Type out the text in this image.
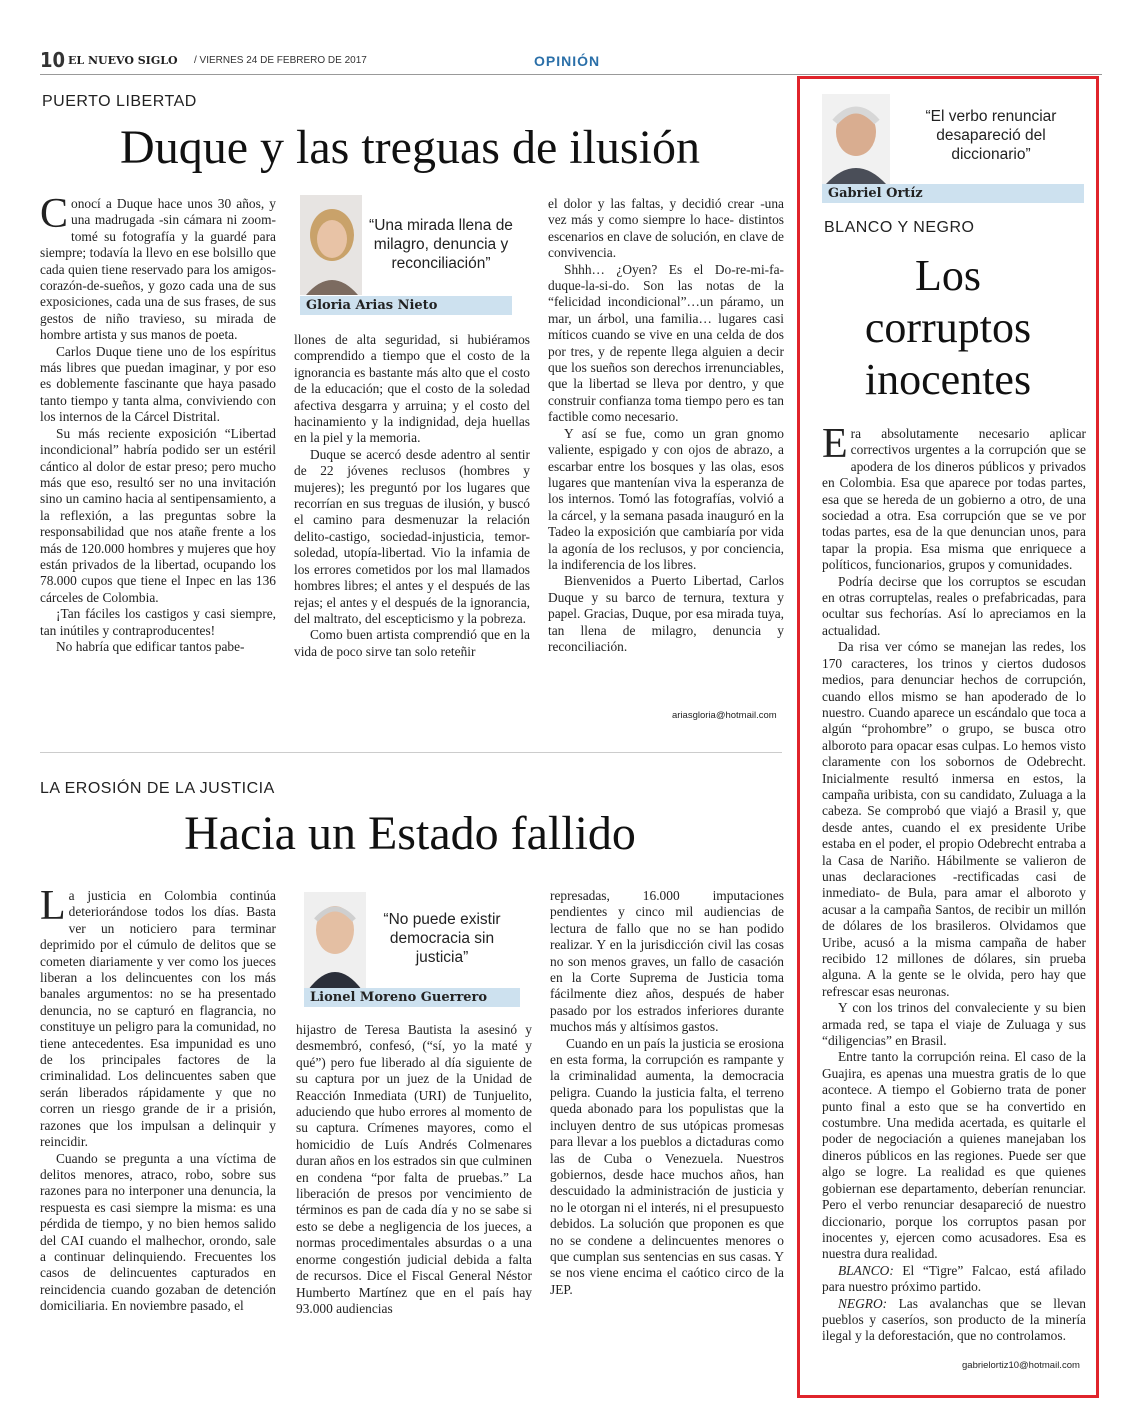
10 EL NUEVO SIGLO / VIERNES 24 DE FEBRERO DE 2017	OPINIÓN
PUERTO LIBERTAD
Duque y las treguas de ilusión
C onocí a Duque hace unos 30 años, y una madrugada -sin cámara ni zoom- tomé su fotografía y la guardé para siempre; todavía la llevo en ese bolsillo que cada quien tiene reservado para los amigos-corazón-de-sueños, y gozo cada una de sus exposiciones, cada una de sus frases, de sus gestos de niño travieso, su mirada de hombre artista y sus manos de poeta.

Carlos Duque tiene uno de los espíritus más libres que puedan imaginar, y por eso es doblemente fascinante que haya pasado tanto tiempo y tanta alma, conviviendo con los internos de la Cárcel Distrital.

Su más reciente exposición “Libertad incondicional” habría podido ser un estéril cántico al dolor de estar preso; pero mucho más que eso, resultó ser no una invitación sino un camino hacia al sentipensamiento, a la reflexión, a las preguntas sobre la responsabilidad que nos atañe frente a los más de 120.000 hombres y mujeres que hoy están privados de la libertad, ocupando los 78.000 cupos que tiene el Inpec en las 136 cárceles de Colombia.

¡Tan fáciles los castigos y casi siempre, tan inútiles y contraproducentes!

No habría que edificar tantos pabe-

“Una mirada llena de milagro, denuncia y reconciliación”
Gloria Arias Nieto

llones de alta seguridad, si hubiéramos comprendido a tiempo que el costo de la ignorancia es bastante más alto que el costo de la educación; que el costo de la soledad afectiva desgarra y arruina; y el costo del hacinamiento y la indignidad, deja huellas en la piel y la memoria.

Duque se acercó desde adentro al sentir de 22 jóvenes reclusos (hombres y mujeres); les preguntó por los lugares que recorrían en sus treguas de ilusión, y buscó el camino para desmenuzar la relación delito-castigo, sociedad-injusticia, temor-soledad, utopía-libertad. Vio la infamia de los errores cometidos por los mal llamados hombres libres; el antes y el después de las rejas; el antes y el después de la ignorancia, del maltrato, del escepticismo y la pobreza.

Como buen artista comprendió que en la vida de poco sirve tan solo reteñir

el dolor y las faltas, y decidió crear -una vez más y como siempre lo hace- distintos escenarios en clave de solución, en clave de convivencia.

Shhh… ¿Oyen? Es el Do-re-mi-fa-duque-la-si-do. Son las notas de la “felicidad incondicional”…un páramo, un mar, un árbol, una familia… lugares casi míticos cuando se vive en una celda de dos por tres, y de repente llega alguien a decir que los sueños son derechos irrenunciables, que la libertad se lleva por dentro, y que construir confianza toma tiempo pero es tan factible como necesario.

Y así se fue, como un gran gnomo valiente, espigado y con ojos de abrazo, a escarbar entre los bosques y las olas, esos lugares que mantenían viva la esperanza de los internos. Tomó las fotografías, volvió a la cárcel, y la semana pasada inauguró en la Tadeo la exposición que cambiaría por vida la agonía de los reclusos, y por conciencia, la indiferencia de los libres.

Bienvenidos a Puerto Libertad, Carlos Duque y su barco de ternura, textura y papel. Gracias, Duque, por esa mirada tuya, tan llena de milagro, denuncia y reconciliación.

ariasgloria@hotmail.com
LA EROSIÓN DE LA JUSTICIA
Hacia un Estado fallido
L a justicia en Colombia continúa deteriorándose todos los días. Basta ver un noticiero para terminar deprimido por el cúmulo de delitos que se cometen diariamente y ver como los jueces liberan a los delincuentes con los más banales argumentos: no se ha presentado denuncia, no se capturó en flagrancia, no constituye un peligro para la comunidad, no tiene antecedentes. Esa impunidad es uno de los principales factores de la criminalidad. Los delincuentes saben que serán liberados rápidamente y que no corren un riesgo grande de ir a prisión, razones que los impulsan a delinquir y reincidir.

Cuando se pregunta a una víctima de delitos menores, atraco, robo, sobre sus razones para no interponer una denuncia, la respuesta es casi siempre la misma: es una pérdida de tiempo, y no bien hemos salido del CAI cuando el malhechor, orondo, sale a continuar delinquiendo. Frecuentes los casos de delincuentes capturados en reincidencia cuando gozaban de detención domiciliaria. En noviembre pasado, el

“No puede existir democracia sin justicia”
Lionel Moreno Guerrero

hijastro de Teresa Bautista la asesinó y desmembró, confesó, (“sí, yo la maté y qué”) pero fue liberado al día siguiente de su captura por un juez de la Unidad de Reacción Inmediata (URI) de Tunjuelito, aduciendo que hubo errores al momento de su captura. Crímenes mayores, como el homicidio de Luís Andrés Colmenares duran años en los estrados sin que culminen en condena “por falta de pruebas.” La liberación de presos por vencimiento de términos es pan de cada día y no se sabe si esto se debe a negligencia de los jueces, a normas procedimentales absurdas o a una enorme congestión judicial debida a falta de recursos. Dice el Fiscal General Néstor Humberto Martínez que en el país hay 93.000 audiencias

represadas, 16.000 imputaciones pendientes y cinco mil audiencias de lectura de fallo que no se han podido realizar. Y en la jurisdicción civil las cosas no son menos graves, un fallo de casación en la Corte Suprema de Justicia toma fácilmente diez años, después de haber pasado por los estrados inferiores durante muchos más y altísimos gastos.

Cuando en un país la justicia se erosiona en esta forma, la corrupción es rampante y la criminalidad aumenta, la democracia peligra. Cuando la justicia falta, el terreno queda abonado para los populistas que la incluyen dentro de sus utópicas promesas para llevar a los pueblos a dictaduras como las de Cuba o Venezuela. Nuestros gobiernos, desde hace muchos años, han descuidado la administración de justicia y no le otorgan ni el interés, ni el presupuesto debidos. La solución que proponen es que no se condene a delincuentes menores o que cumplan sus sentencias en sus casas. Y se nos viene encima el caótico circo de la JEP.

“El verbo renunciar desapareció del diccionario”
Gabriel Ortíz
BLANCO Y NEGRO
Los
corruptos
inocentes
E ra absolutamente necesario aplicar correctivos urgentes a la corrupción que se apodera de los dineros públicos y privados en Colombia. Esa que aparece por todas partes, esa que se hereda de un gobierno a otro, de una sociedad a otra. Esa corrupción que se ve por todas partes, esa de la que denuncian unos, para tapar la propia. Esa misma que enriquece a políticos, funcionarios, grupos y comunidades.

Podría decirse que los corruptos se escudan en otras corruptelas, reales o prefabricadas, para ocultar sus fechorías. Así lo apreciamos en la actualidad.

Da risa ver cómo se manejan las redes, los 170 caracteres, los trinos y ciertos dudosos medios, para denunciar hechos de corrupción, cuando ellos mismo se han apoderado de lo nuestro. Cuando aparece un escándalo que toca a algún “prohombre” o grupo, se busca otro alboroto para opacar esas culpas. Lo hemos visto claramente con los sobornos de Odebrecht. Inicialmente resultó inmersa en estos, la campaña uribista, con su candidato, Zuluaga a la cabeza. Se comprobó que viajó a Brasil y, que desde antes, cuando el ex presidente Uribe estaba en el poder, el propio Odebrecht entraba a la Casa de Nariño. Hábilmente se valieron de unas declaraciones -rectificadas casi de inmediato- de Bula, para amar el alboroto y acusar a la campaña Santos, de recibir un millón de dólares de los brasileros. Olvidamos que Uribe, acusó a la misma campaña de haber recibido 12 millones de dólares, sin prueba alguna. A la gente se le olvida, pero hay que refrescar esas neuronas.

Y con los trinos del convaleciente y su bien armada red, se tapa el viaje de Zuluaga y sus “diligencias” en Brasil.

Entre tanto la corrupción reina. El caso de la Guajira, es apenas una muestra gratis de lo que acontece. A tiempo el Gobierno trata de poner punto final a esto que se ha convertido en costumbre. Una medida acertada, es quitarle el poder de negociación a quienes manejaban los dineros públicos en las regiones. Puede ser que algo se logre. La realidad es que quienes gobiernan ese departamento, deberían renunciar. Pero el verbo renunciar desapareció de nuestro diccionario, porque los corruptos pasan por inocentes y, ejercen como acusadores. Esa es nuestra dura realidad.

BLANCO: El “Tigre” Falcao, está afilado para nuestro próximo partido.

NEGRO: Las avalanchas que se llevan pueblos y caseríos, son producto de la minería ilegal y la deforestación, que no controlamos.

gabrielortiz10@hotmail.com
